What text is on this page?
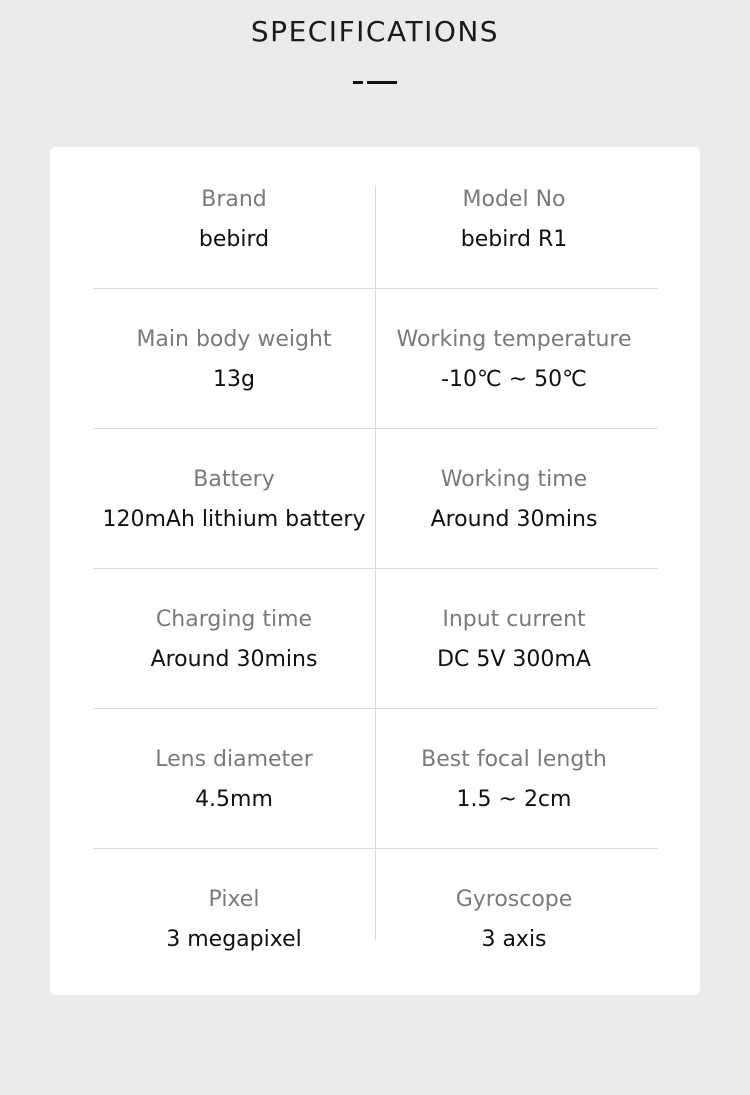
SPECIFICATIONS
Brand
bebird
Model No
bebird R1
Main body weight
13g
Working temperature
-10℃ ~ 50℃
Battery
120mAh lithium battery
Working time
Around 30mins
Charging time
Around 30mins
Input current
DC 5V 300mA
Lens diameter
4.5mm
Best focal length
1.5 ~ 2cm
Pixel
3 megapixel
Gyroscope
3 axis
